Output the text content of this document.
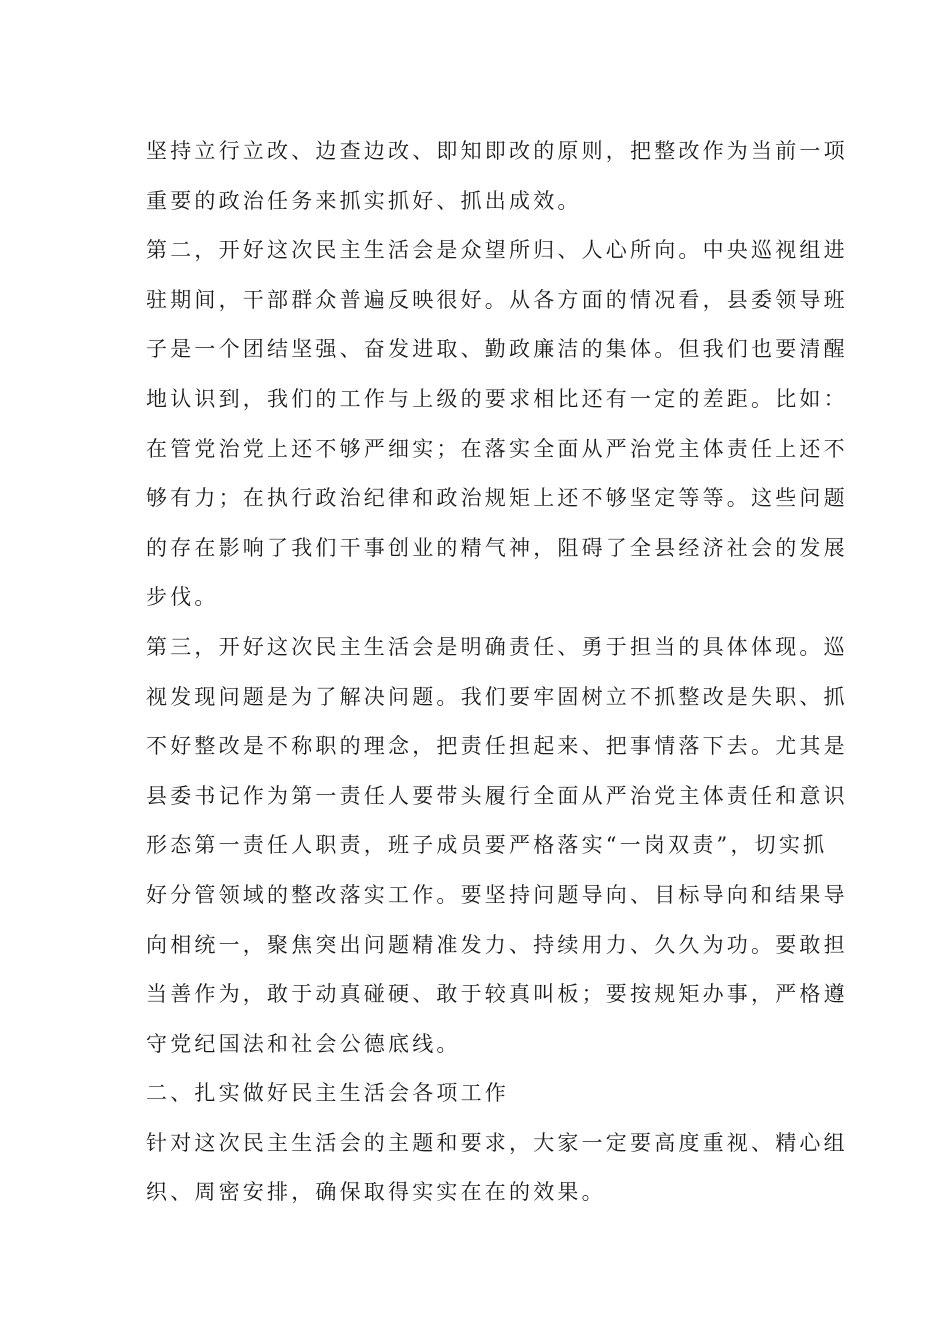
坚持立行立改、边查边改、即知即改的原则，把整改作为当前一项
重要的政治任务来抓实抓好、抓出成效。

第二，开好这次民主生活会是众望所归、人心所向。中央巡视组进
驻期间，干部群众普遍反映很好。从各方面的情况看，县委领导班
子是一个团结坚强、奋发进取、勤政廉洁的集体。但我们也要清醒
地认识到，我们的工作与上级的要求相比还有一定的差距。比如：
在管党治党上还不够严细实；在落实全面从严治党主体责任上还不
够有力；在执行政治纪律和政治规矩上还不够坚定等等。这些问题
的存在影响了我们干事创业的精气神，阻碍了全县经济社会的发展
步伐。

第三，开好这次民主生活会是明确责任、勇于担当的具体体现。巡
视发现问题是为了解决问题。我们要牢固树立不抓整改是失职、抓
不好整改是不称职的理念，把责任担起来、把事情落下去。尤其是
县委书记作为第一责任人要带头履行全面从严治党主体责任和意识
形态第一责任人职责，班子成员要严格落实“一岗双责”，切实抓
好分管领域的整改落实工作。要坚持问题导向、目标导向和结果导
向相统一，聚焦突出问题精准发力、持续用力、久久为功。要敢担
当善作为，敢于动真碰硬、敢于较真叫板；要按规矩办事，严格遵
守党纪国法和社会公德底线。

二、扎实做好民主生活会各项工作

针对这次民主生活会的主题和要求，大家一定要高度重视、精心组
织、周密安排，确保取得实实在在的效果。
